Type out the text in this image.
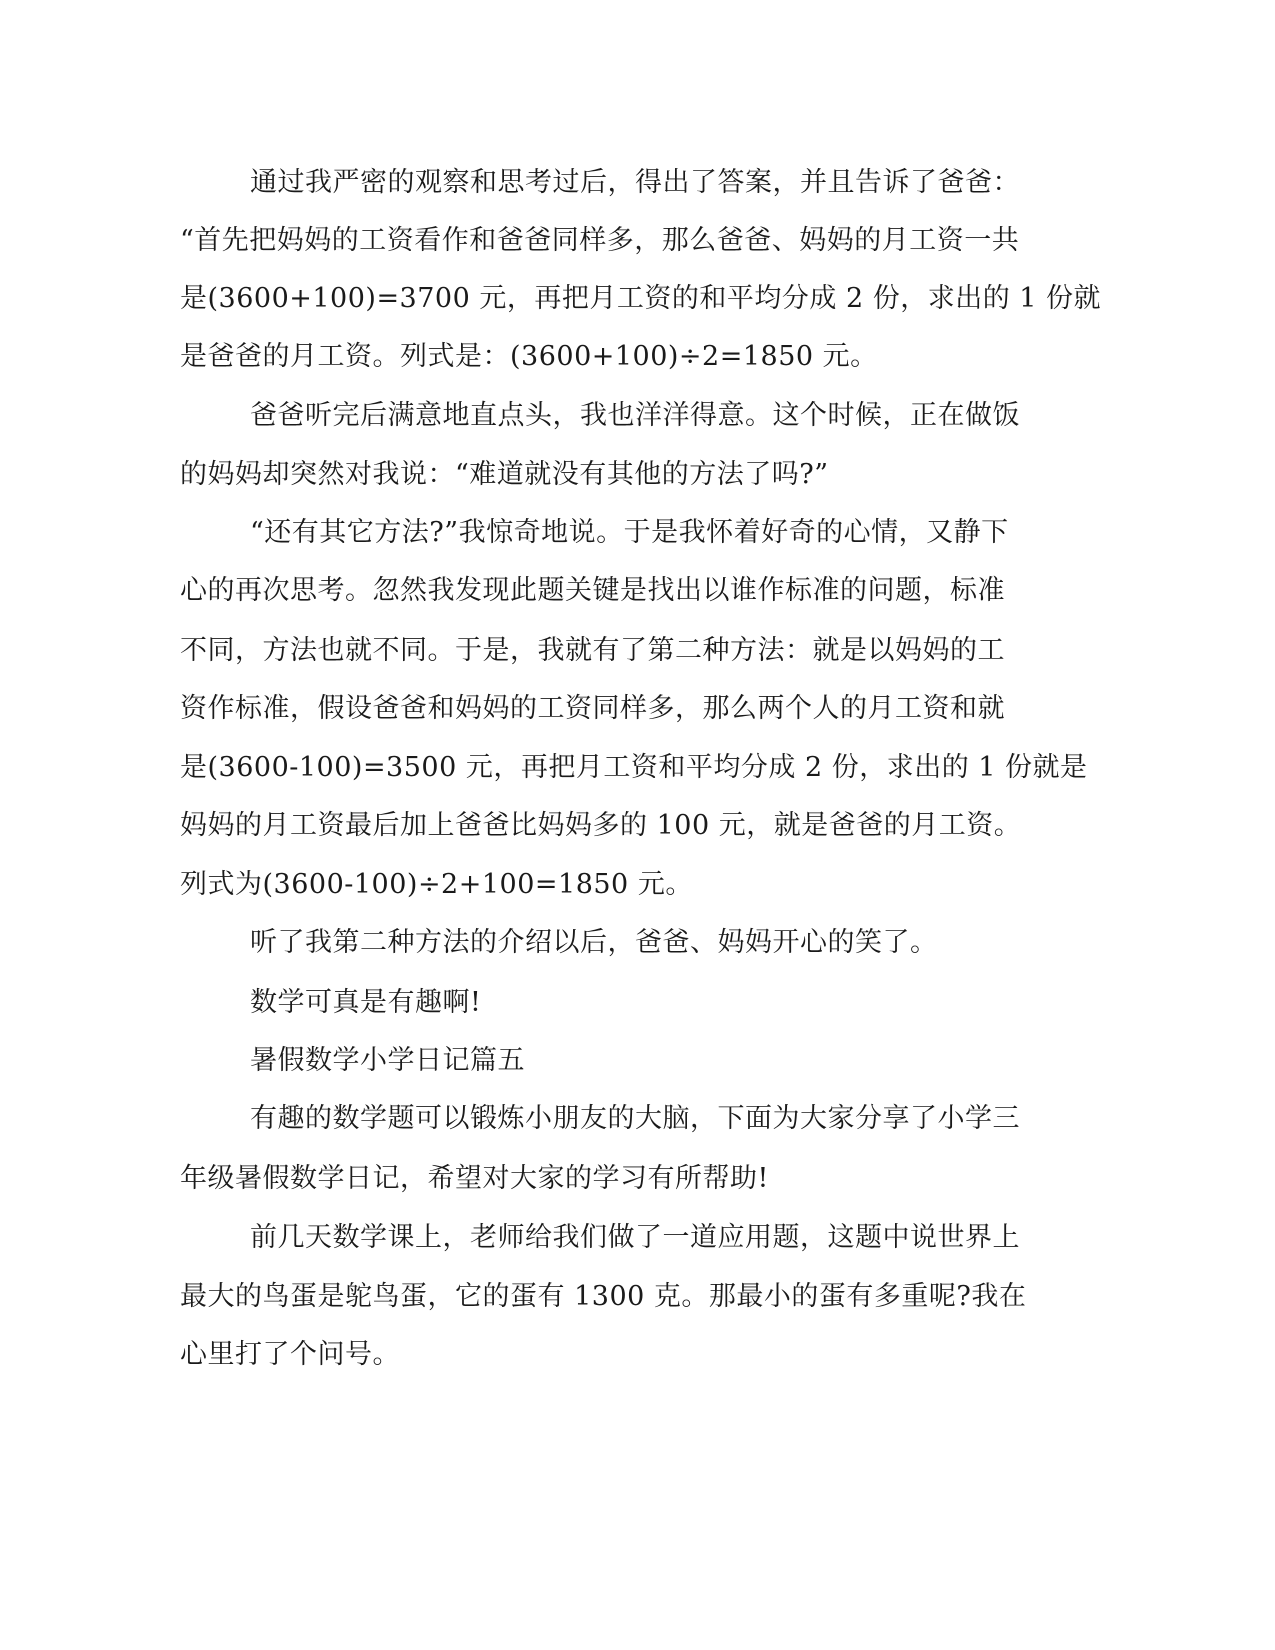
通过我严密的观察和思考过后，得出了答案，并且告诉了爸爸：
“首先把妈妈的工资看作和爸爸同样多，那么爸爸、妈妈的月工资一共
是(3600+100)=3700 元，再把月工资的和平均分成 2 份，求出的 1 份就
是爸爸的月工资。列式是：(3600+100)÷2=1850 元。
爸爸听完后满意地直点头，我也洋洋得意。这个时候，正在做饭
的妈妈却突然对我说：“难道就没有其他的方法了吗?”
“还有其它方法?”我惊奇地说。于是我怀着好奇的心情，又静下
心的再次思考。忽然我发现此题关键是找出以谁作标准的问题，标准
不同，方法也就不同。于是，我就有了第二种方法：就是以妈妈的工
资作标准，假设爸爸和妈妈的工资同样多，那么两个人的月工资和就
是(3600-100)=3500 元，再把月工资和平均分成 2 份，求出的 1 份就是
妈妈的月工资最后加上爸爸比妈妈多的 100 元，就是爸爸的月工资。
列式为(3600-100)÷2+100=1850 元。
听了我第二种方法的介绍以后，爸爸、妈妈开心的笑了。
数学可真是有趣啊!
暑假数学小学日记篇五
有趣的数学题可以锻炼小朋友的大脑，下面为大家分享了小学三
年级暑假数学日记，希望对大家的学习有所帮助!
前几天数学课上，老师给我们做了一道应用题，这题中说世界上
最大的鸟蛋是鸵鸟蛋，它的蛋有 1300 克。那最小的蛋有多重呢?我在
心里打了个问号。
